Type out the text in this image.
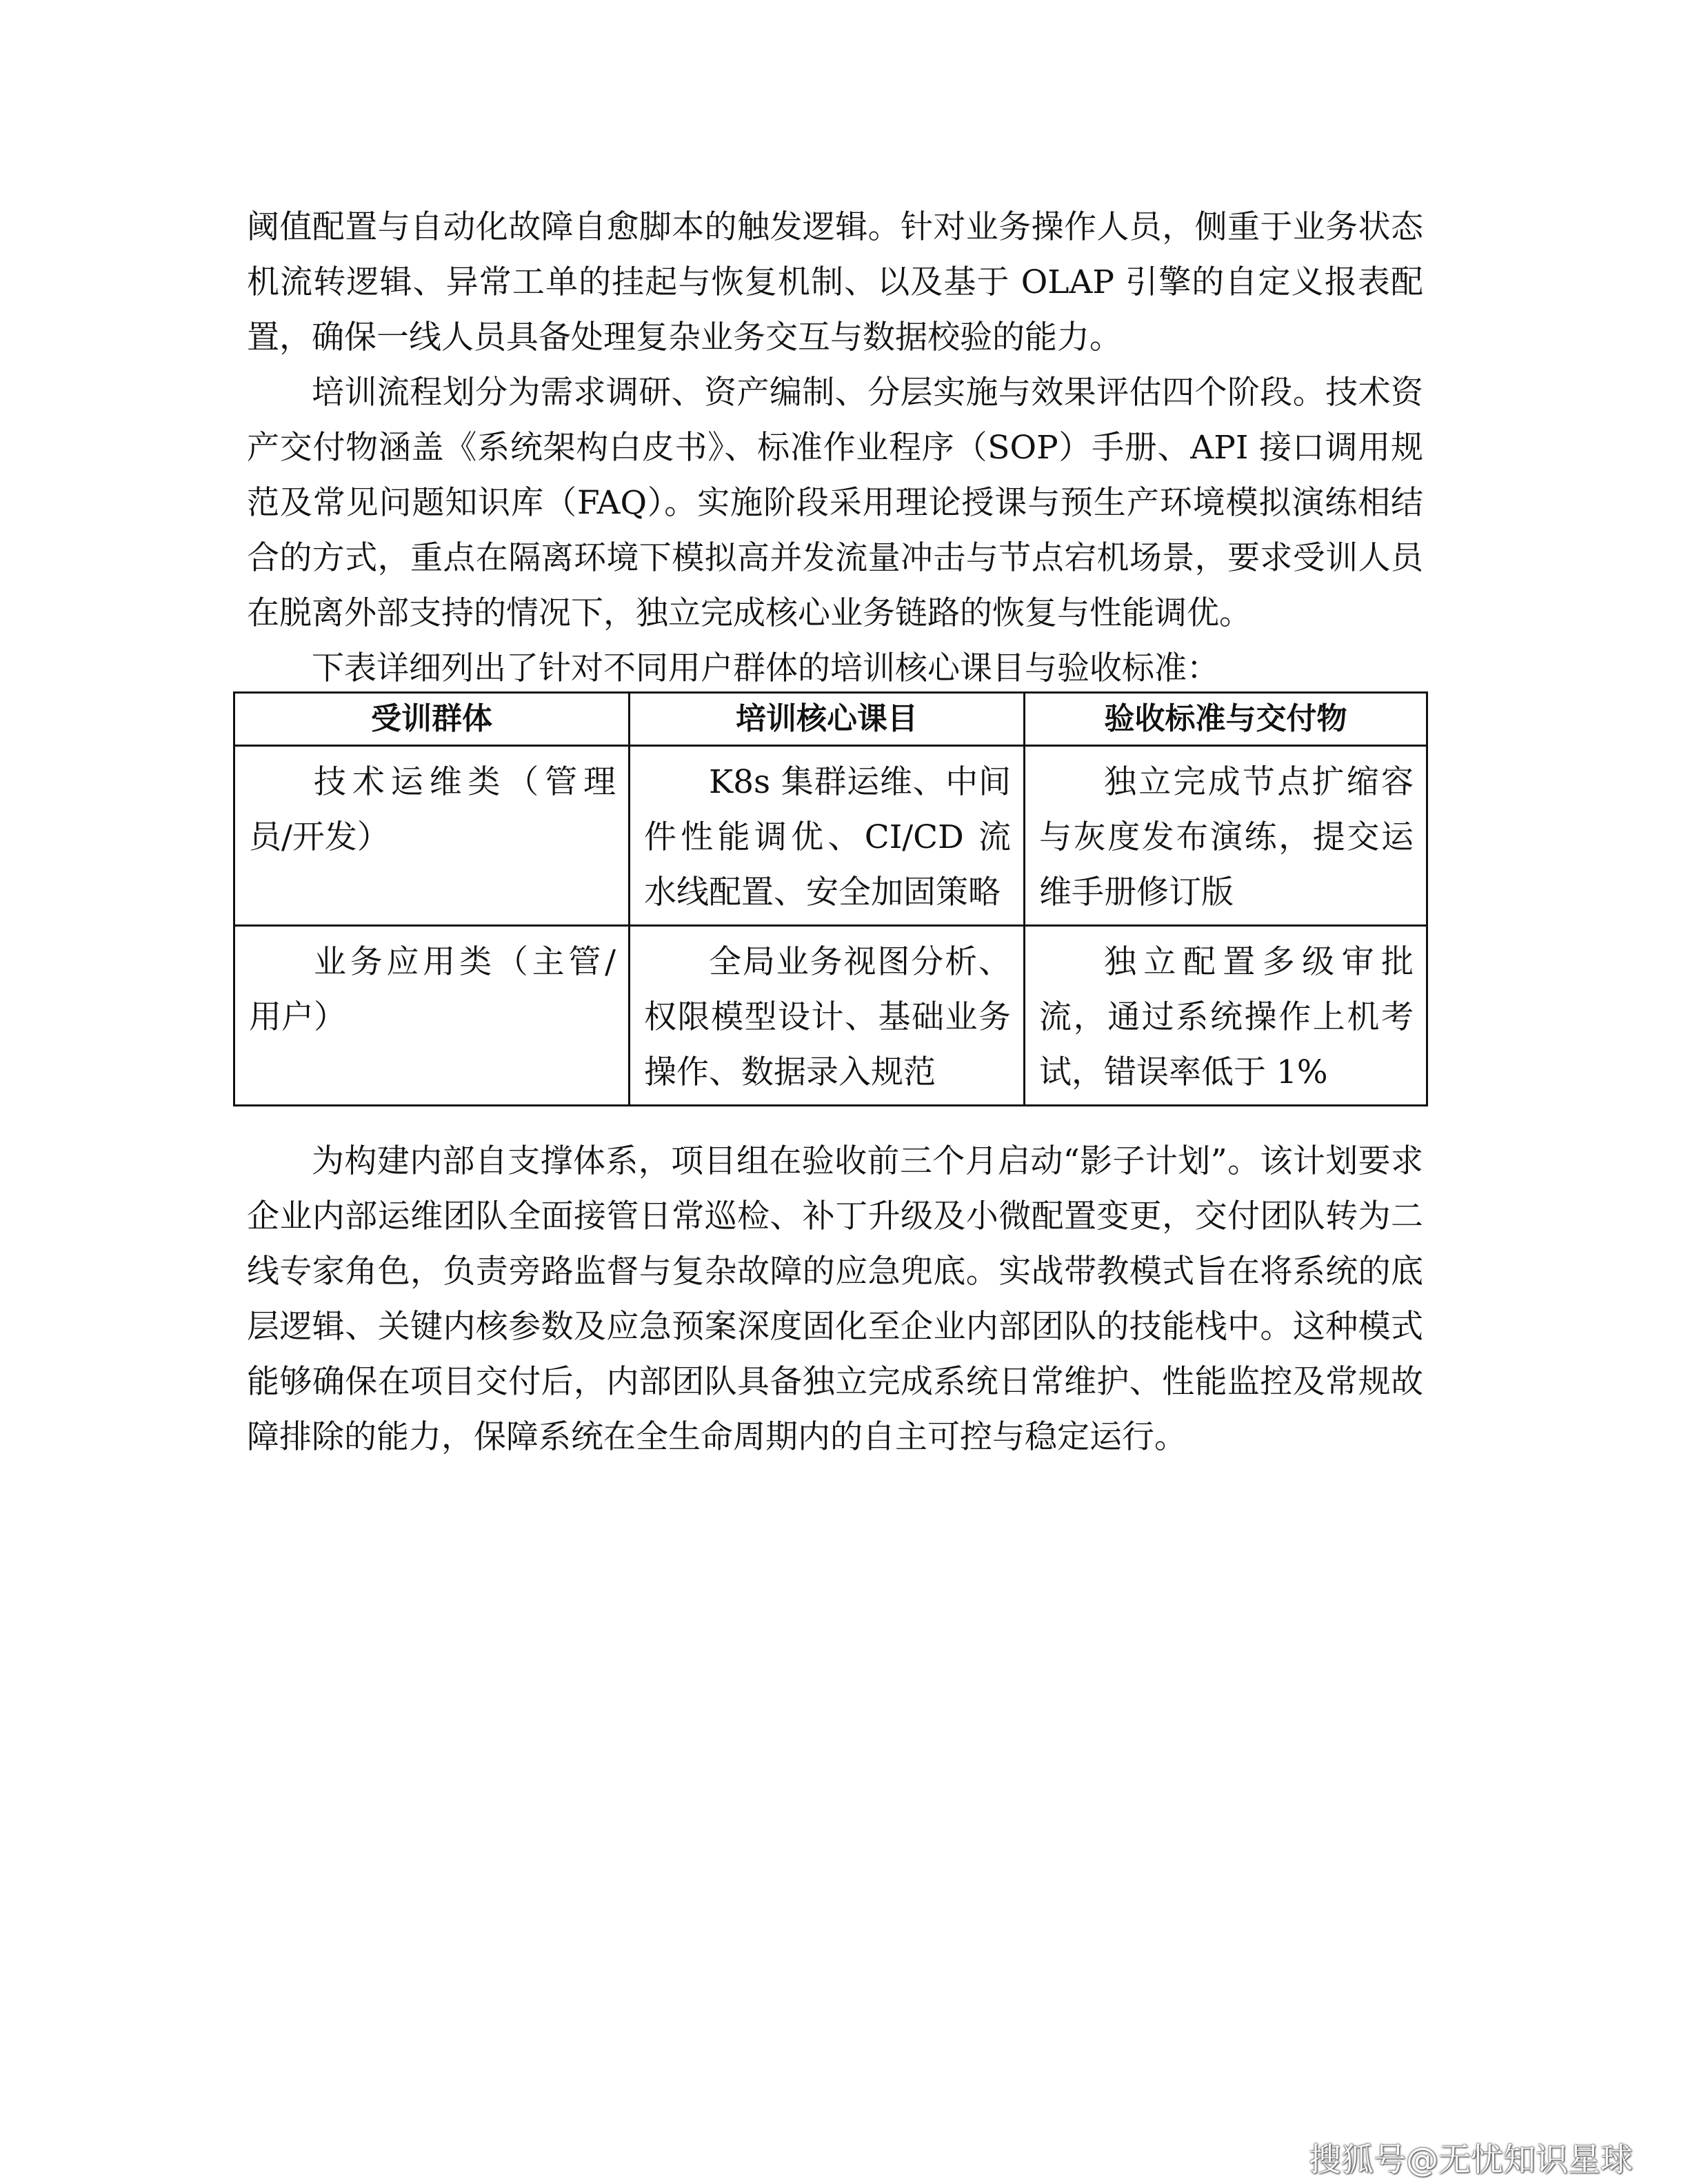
阈值配置与自动化故障自愈脚本的触发逻辑。针对业务操作人员，侧重于业务状态机流转逻辑、异常工单的挂起与恢复机制、以及基于 OLAP 引擎的自定义报表配置，确保一线人员具备处理复杂业务交互与数据校验的能力。

培训流程划分为需求调研、资产编制、分层实施与效果评估四个阶段。技术资产交付物涵盖《系统架构白皮书》、标准作业程序（SOP）手册、API 接口调用规范及常见问题知识库（FAQ）。实施阶段采用理论授课与预生产环境模拟演练相结合的方式，重点在隔离环境下模拟高并发流量冲击与节点宕机场景，要求受训人员在脱离外部支持的情况下，独立完成核心业务链路的恢复与性能调优。

下表详细列出了针对不同用户群体的培训核心课目与验收标准：

受训群体	培训核心课目	验收标准与交付物
技术运维类（管理员/开发）	K8s 集群运维、中间件性能调优、CI/CD 流水线配置、安全加固策略	独立完成节点扩缩容与灰度发布演练，提交运维手册修订版
业务应用类（主管/用户）	全局业务视图分析、权限模型设计、基础业务操作、数据录入规范	独立配置多级审批流，通过系统操作上机考试，错误率低于 1%

为构建内部自支撑体系，项目组在验收前三个月启动“影子计划”。该计划要求企业内部运维团队全面接管日常巡检、补丁升级及小微配置变更，交付团队转为二线专家角色，负责旁路监督与复杂故障的应急兜底。实战带教模式旨在将系统的底层逻辑、关键内核参数及应急预案深度固化至企业内部团队的技能栈中。这种模式能够确保在项目交付后，内部团队具备独立完成系统日常维护、性能监控及常规故障排除的能力，保障系统在全生命周期内的自主可控与稳定运行。

搜狐号@无忧知识星球
